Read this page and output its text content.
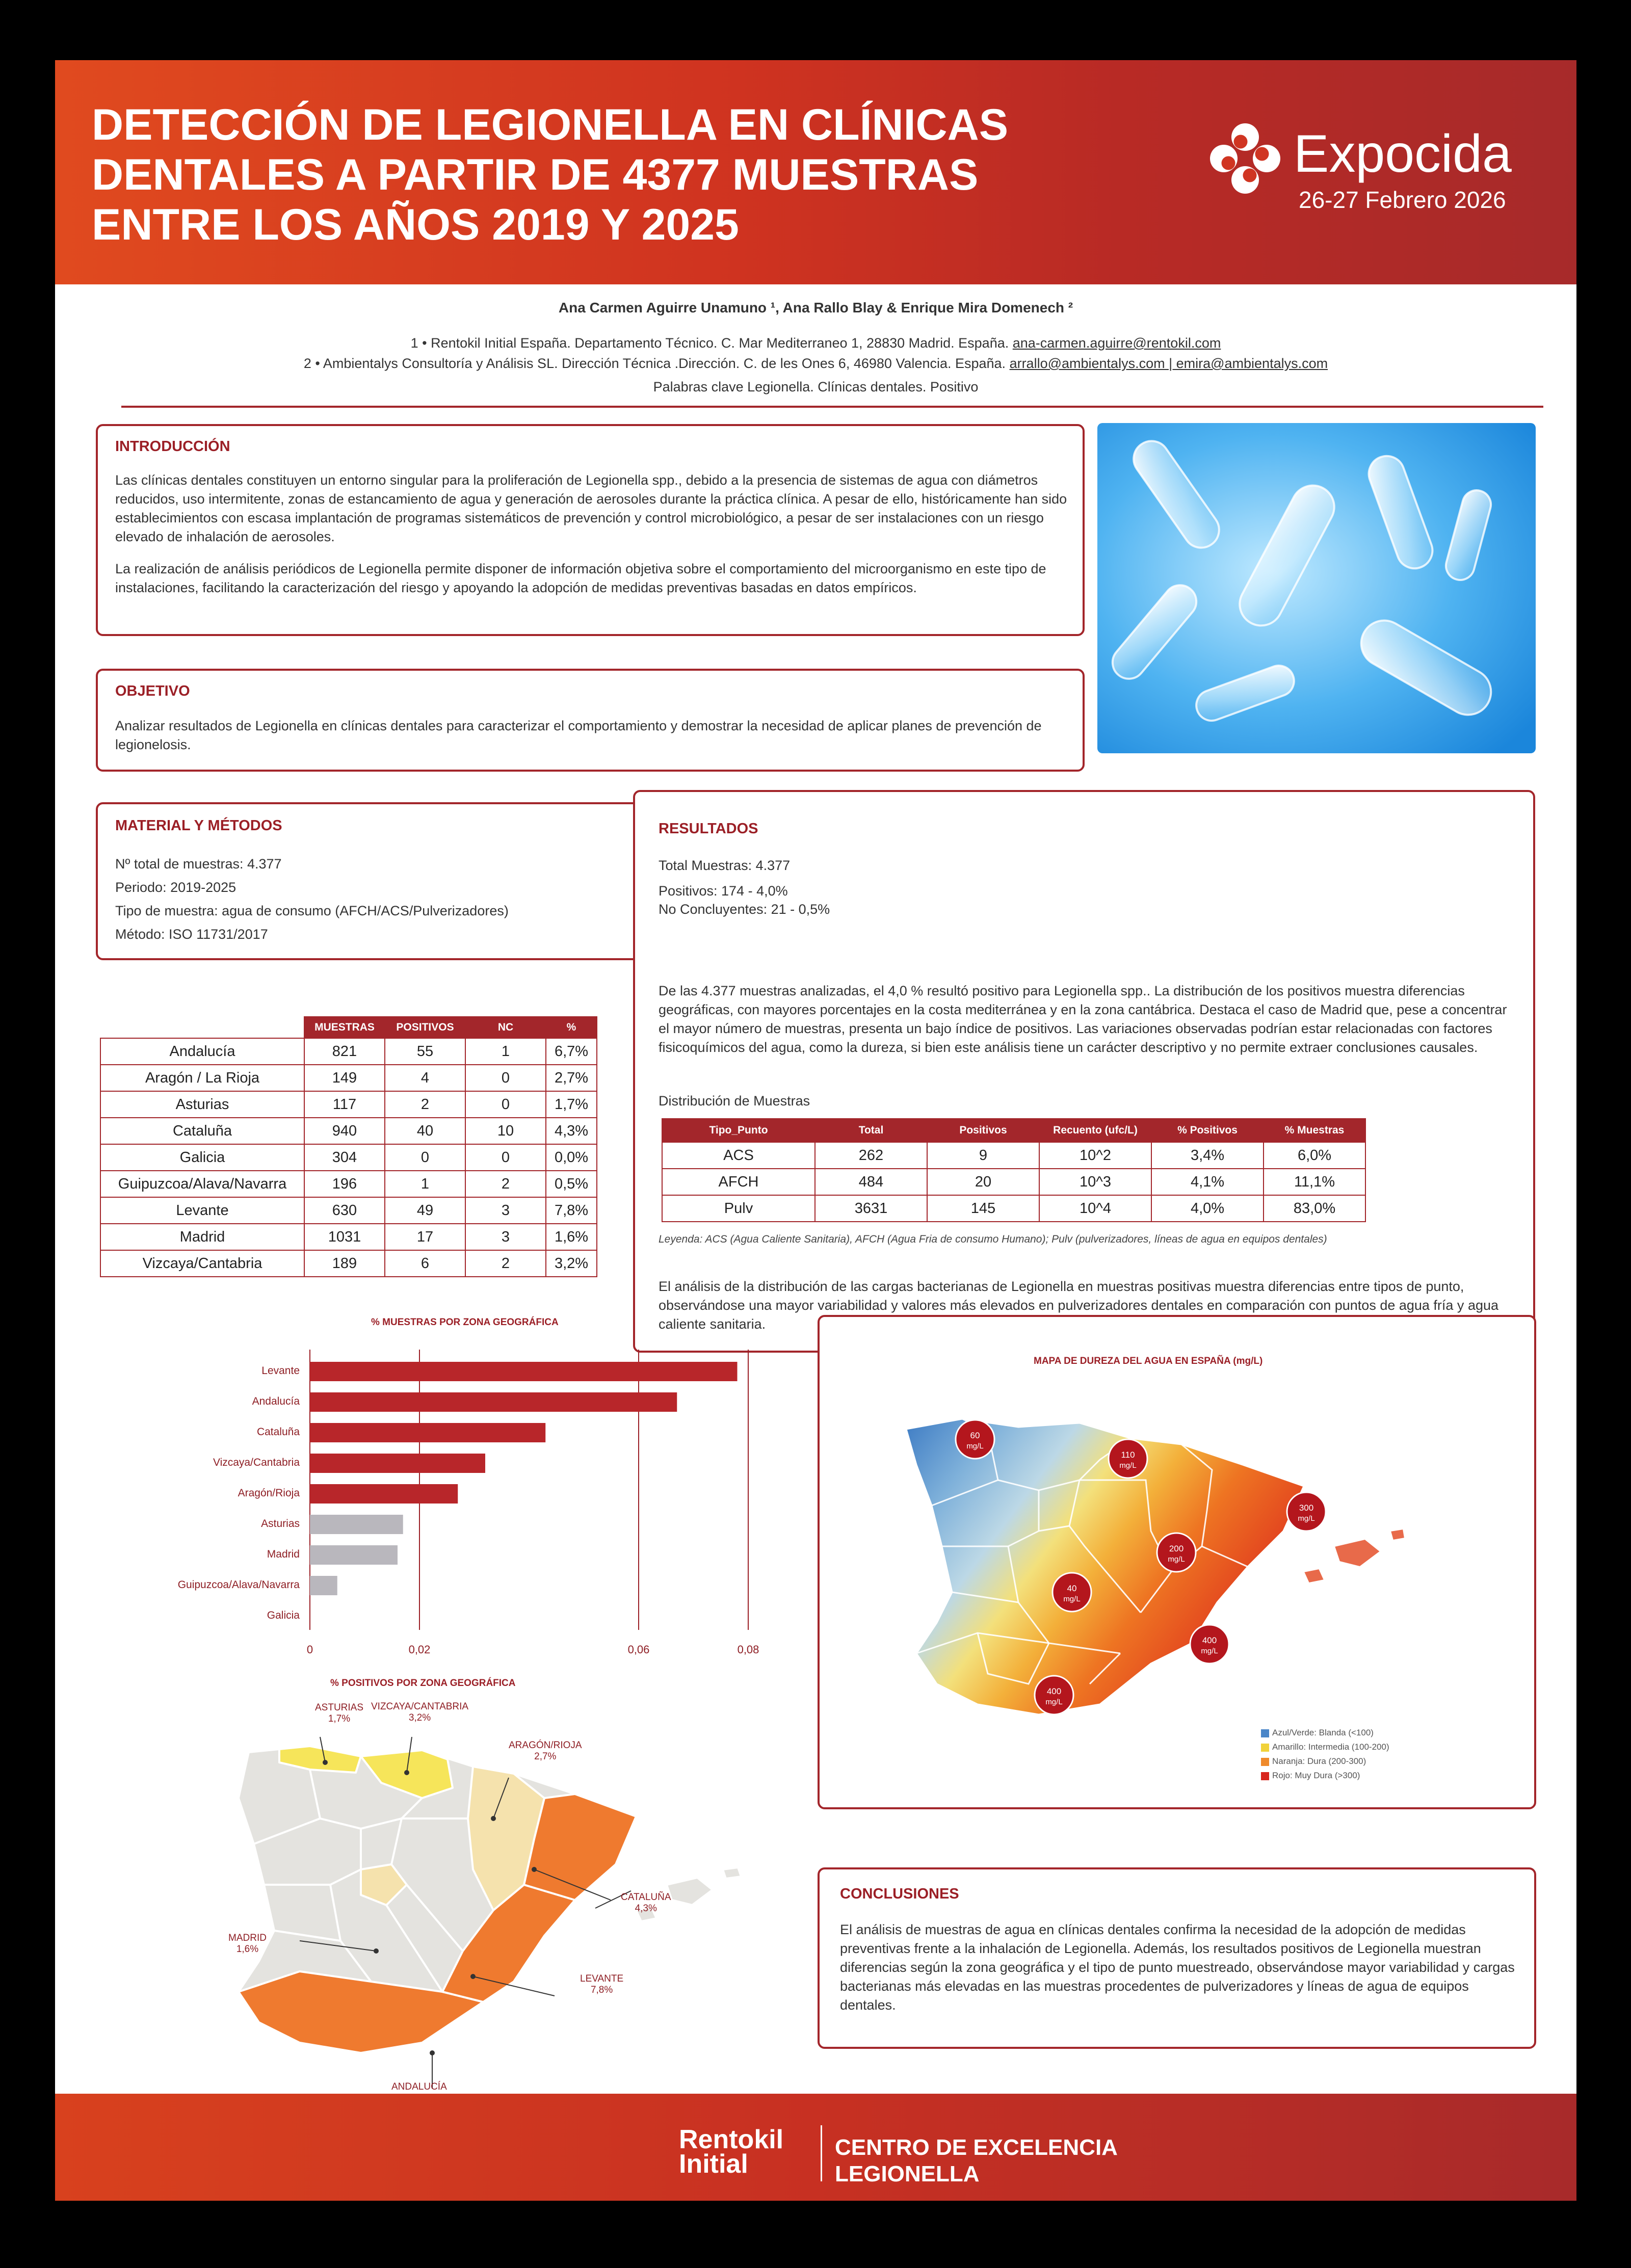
DETECCIÓN DE LEGIONELLA EN CLÍNICAS
DENTALES A PARTIR DE 4377 MUESTRAS
ENTRE LOS AÑOS 2019 Y 2025
Expocida
26-27 Febrero 2026
Ana Carmen Aguirre Unamuno ¹, Ana Rallo Blay & Enrique Mira Domenech ²
1 • Rentokil Initial España. Departamento Técnico. C. Mar Mediterraneo 1, 28830 Madrid. España. ana-carmen.aguirre@rentokil.com
2 • Ambientalys Consultoría y Análisis SL. Dirección Técnica .Dirección. C. de les Ones 6, 46980 Valencia. España. arrallo@ambientalys.com | emira@ambientalys.com
Palabras clave Legionella. Clínicas dentales. Positivo
INTRODUCCIÓN

Las clínicas dentales constituyen un entorno singular para la proliferación de Legionella spp., debido a la presencia de sistemas de agua con diámetros reducidos, uso intermitente, zonas de estancamiento de agua y generación de aerosoles durante la práctica clínica. A pesar de ello, históricamente han sido establecimientos con escasa implantación de programas sistemáticos de prevención y control microbiológico, a pesar de ser instalaciones con un riesgo elevado de inhalación de aerosoles.

La realización de análisis periódicos de Legionella permite disponer de información objetiva sobre el comportamiento del microorganismo en este tipo de instalaciones, facilitando la caracterización del riesgo y apoyando la adopción de medidas preventivas basadas en datos empíricos.

OBJETIVO
Analizar resultados de Legionella en clínicas dentales para caracterizar el comportamiento y demostrar la necesidad de aplicar planes de prevención de legionelosis.
MATERIAL Y MÉTODOS
Nº total de muestras: 4.377
Periodo: 2019-2025
Tipo de muestra: agua de consumo (AFCH/ACS/Pulverizadores)
Método: ISO 11731/2017
	MUESTRAS	POSITIVOS	NC	%
Andalucía	821	55	1	6,7%
Aragón / La Rioja	149	4	0	2,7%
Asturias	117	2	0	1,7%
Cataluña	940	40	10	4,3%
Galicia	304	0	0	0,0%
Guipuzcoa/Alava/Navarra	196	1	2	0,5%
Levante	630	49	3	7,8%
Madrid	1031	17	3	1,6%
Vizcaya/Cantabria	189	6	2	3,2%
RESULTADOS
Total Muestras: 4.377
Positivos: 174 - 4,0%
No Concluyentes: 21 - 0,5%
De las 4.377 muestras analizadas, el 4,0 % resultó positivo para Legionella spp.. La distribución de los positivos muestra diferencias geográficas, con mayores porcentajes en la costa mediterránea y en la zona cantábrica. Destaca el caso de Madrid que, pese a concentrar el mayor número de muestras, presenta un bajo índice de positivos. Las variaciones observadas podrían estar relacionadas con factores fisicoquímicos del agua, como la dureza, si bien este análisis tiene un carácter descriptivo y no permite extraer conclusiones causales.
Distribución de Muestras
Tipo_Punto	Total	Positivos	Recuento (ufc/L)	% Positivos	% Muestras
ACS	262	9	10^2	3,4%	6,0%
AFCH	484	20	10^3	4,1%	11,1%
Pulv	3631	145	10^4	4,0%	83,0%
Leyenda: ACS (Agua Caliente Sanitaria), AFCH (Agua Fria de consumo Humano); Pulv (pulverizadores, líneas de agua en equipos dentales)
El análisis de la distribución de las cargas bacterianas de Legionella en muestras positivas muestra diferencias entre tipos de punto, observándose una mayor variabilidad y valores más elevados en pulverizadores dentales en comparación con puntos de agua fría y agua caliente sanitaria.
% MUESTRAS POR ZONA GEOGRÁFICA
0	0,02	0,06	0,08
Levante
Andalucía
Cataluña
Vizcaya/Cantabria
Aragón/Rioja
Asturias
Madrid
Guipuzcoa/Alava/Navarra
Galicia
% POSITIVOS POR ZONA GEOGRÁFICA
ASTURIAS
1,7%
VIZCAYA/CANTABRIA
3,2%
ARAGÓN/RIOJA
2,7%
CATALUÑA
4,3%
MADRID
1,6%
LEVANTE
7,8%
ANDALUCÍA
MAPA DE DUREZA DEL AGUA EN ESPAÑA (mg/L)
60
mg/L
110
mg/L
300
mg/L
200
mg/L
40
mg/L
400
mg/L
400
mg/L
Azul/Verde: Blanda (<100)
Amarillo: Intermedia (100-200)
Naranja: Dura (200-300)
Rojo: Muy Dura (>300)
CONCLUSIONES
El análisis de muestras de agua en clínicas dentales confirma la necesidad de la adopción de medidas preventivas frente a la inhalación de Legionella. Además, los resultados positivos de Legionella muestran diferencias según la zona geográfica y el tipo de punto muestreado, observándose mayor variabilidad y cargas bacterianas más elevadas en las muestras procedentes de pulverizadores y líneas de agua de equipos dentales.
Rentokil
Initial
CENTRO DE EXCELENCIA
LEGIONELLA
